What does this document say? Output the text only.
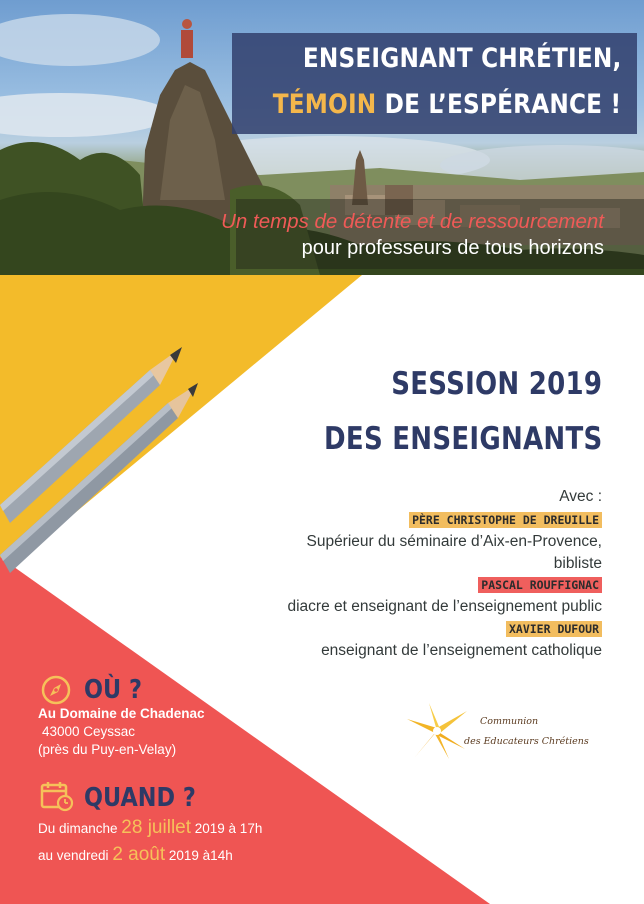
ENSEIGNANT CHRÉTIEN,
TÉMOIN DE L’ESPÉRANCE !
Un temps de détente et de ressourcement
pour professeurs de tous horizons
SESSION 2019
DES ENSEIGNANTS
Avec :
PÈRE CHRISTOPHE DE DREUILLE
Supérieur du séminaire d’Aix-en-Provence,
bibliste
PASCAL ROUFFIGNAC
diacre et enseignant de l’enseignement public
XAVIER DUFOUR
enseignant de l’enseignement catholique
Communion
des Educateurs Chrétiens
OÙ ?
Au Domaine de Chadenac
43000 Ceyssac
(près du Puy-en-Velay)
QUAND ?
Du dimanche 28 juillet 2019 à 17h
au vendredi 2 août 2019 à14h
